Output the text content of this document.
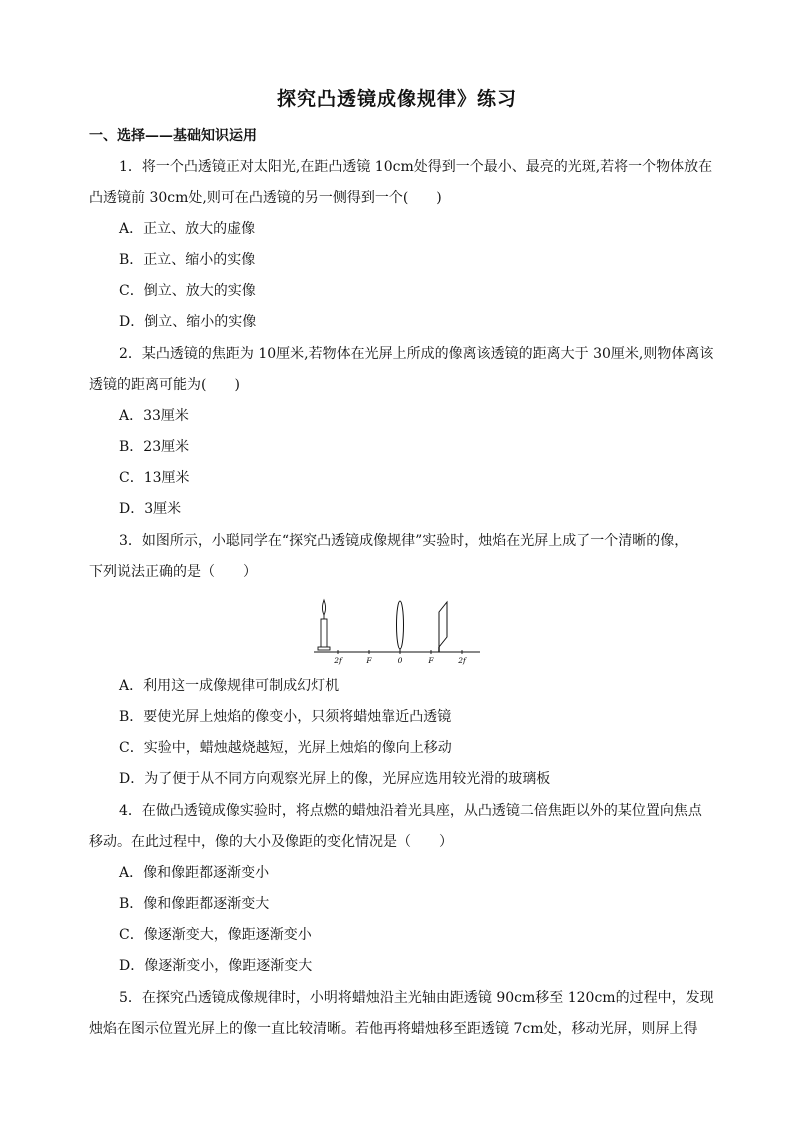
探究凸透镜成像规律》练习
一、选择——基础知识运用
1．将一个凸透镜正对太阳光,在距凸透镜 10cm处得到一个最小、最亮的光斑,若将一个物体放在
凸透镜前 30cm处,则可在凸透镜的另一侧得到一个(　　)
A．正立、放大的虚像
B．正立、缩小的实像
C．倒立、放大的实像
D．倒立、缩小的实像
2．某凸透镜的焦距为 10厘米,若物体在光屏上所成的像离该透镜的距离大于 30厘米,则物体离该
透镜的距离可能为(　　)
A．33厘米
B．23厘米
C．13厘米
D．3厘米
3．如图所示，小聪同学在“探究凸透镜成像规律”实验时，烛焰在光屏上成了一个清晰的像，
下列说法正确的是（　　）
2f	F	0	F	2f
A．利用这一成像规律可制成幻灯机
B．要使光屏上烛焰的像变小，只须将蜡烛靠近凸透镜
C．实验中，蜡烛越烧越短，光屏上烛焰的像向上移动
D．为了便于从不同方向观察光屏上的像，光屏应选用较光滑的玻璃板
4．在做凸透镜成像实验时，将点燃的蜡烛沿着光具座，从凸透镜二倍焦距以外的某位置向焦点
移动。在此过程中，像的大小及像距的变化情况是（　　）
A．像和像距都逐渐变小
B．像和像距都逐渐变大
C．像逐渐变大，像距逐渐变小
D．像逐渐变小，像距逐渐变大
5．在探究凸透镜成像规律时，小明将蜡烛沿主光轴由距透镜 90cm移至 120cm的过程中，发现
烛焰在图示位置光屏上的像一直比较清晰。若他再将蜡烛移至距透镜 7cm处，移动光屏，则屏上得
